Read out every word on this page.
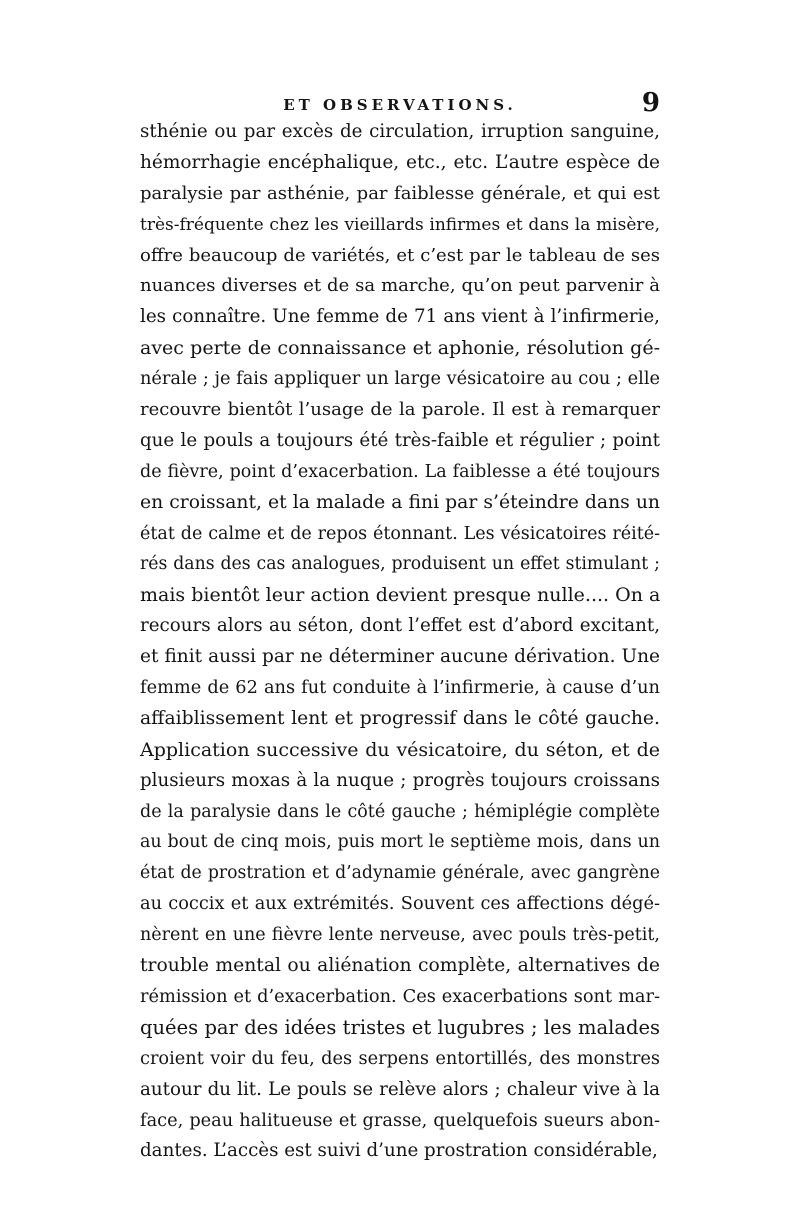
ET OBSERVATIONS.	9
sthénie ou par excès de circulation, irruption sanguine,
hémorrhagie encéphalique, etc., etc. L’autre espèce de
paralysie par asthénie, par faiblesse générale, et qui est
très-fréquente chez les vieillards infirmes et dans la misère,
offre beaucoup de variétés, et c’est par le tableau de ses
nuances diverses et de sa marche, qu’on peut parvenir à
les connaître. Une femme de 71 ans vient à l’infirmerie,
avec perte de connaissance et aphonie, résolution gé-
nérale ; je fais appliquer un large vésicatoire au cou ; elle
recouvre bientôt l’usage de la parole. Il est à remarquer
que le pouls a toujours été très-faible et régulier ; point
de fièvre, point d’exacerbation. La faiblesse a été toujours
en croissant, et la malade a fini par s’éteindre dans un
état de calme et de repos étonnant. Les vésicatoires réité-
rés dans des cas analogues, produisent un effet stimulant ;
mais bientôt leur action devient presque nulle.... On a
recours alors au séton, dont l’effet est d’abord excitant,
et finit aussi par ne déterminer aucune dérivation. Une
femme de 62 ans fut conduite à l’infirmerie, à cause d’un
affaiblissement lent et progressif dans le côté gauche.
Application successive du vésicatoire, du séton, et de
plusieurs moxas à la nuque ; progrès toujours croissans
de la paralysie dans le côté gauche ; hémiplégie complète
au bout de cinq mois, puis mort le septième mois, dans un
état de prostration et d’adynamie générale, avec gangrène
au coccix et aux extrémités. Souvent ces affections dégé-
nèrent en une fièvre lente nerveuse, avec pouls très-petit,
trouble mental ou aliénation complète, alternatives de
rémission et d’exacerbation. Ces exacerbations sont mar-
quées par des idées tristes et lugubres ; les malades
croient voir du feu, des serpens entortillés, des monstres
autour du lit. Le pouls se relève alors ; chaleur vive à la
face, peau halitueuse et grasse, quelquefois sueurs abon-
dantes. L’accès est suivi d’une prostration considérable,
